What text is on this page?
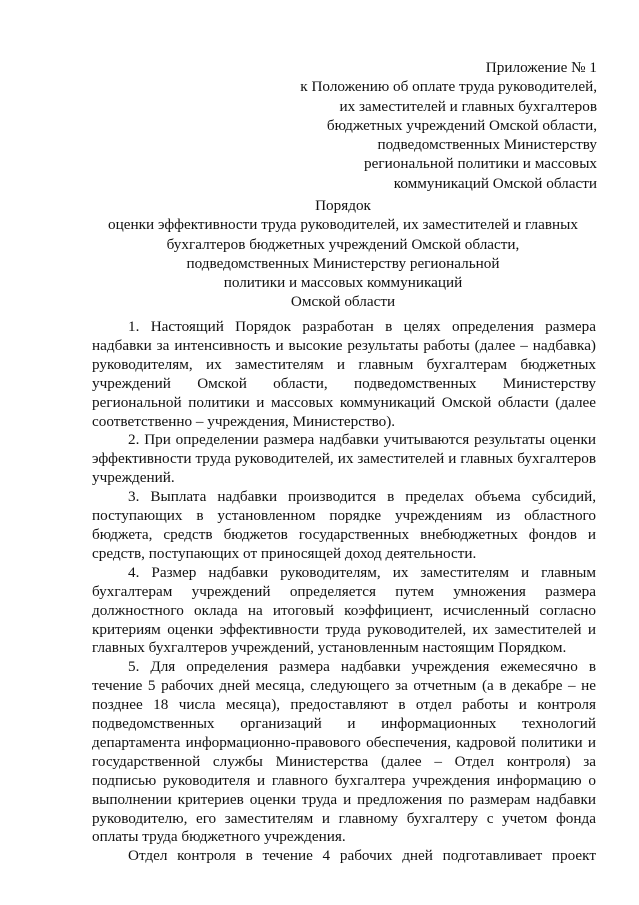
Приложение № 1
к Положению об оплате труда руководителей,
их заместителей и главных бухгалтеров
бюджетных учреждений Омской области,
подведомственных Министерству
региональной политики и массовых
коммуникаций Омской области
Порядок
оценки эффективности труда руководителей, их заместителей и главных
бухгалтеров бюджетных учреждений Омской области,
подведомственных Министерству региональной
политики и массовых коммуникаций
Омской области

1. Настоящий Порядок разработан в целях определения размера надбавки за интенсивность и высокие результаты работы (далее – надбавка) руководителям, их заместителям и главным бухгалтерам бюджетных учреждений Омской области, подведомственных Министерству региональной политики и массовых коммуникаций Омской области (далее соответственно – учреждения, Министерство).

2. При определении размера надбавки учитываются результаты оценки эффективности труда руководителей, их заместителей и главных бухгалтеров учреждений.

3. Выплата надбавки производится в пределах объема субсидий, поступающих в установленном порядке учреждениям из областного бюджета, средств бюджетов государственных внебюджетных фондов и средств, поступающих от приносящей доход деятельности.

4. Размер надбавки руководителям, их заместителям и главным бухгалтерам учреждений определяется путем умножения размера должностного оклада на итоговый коэффициент, исчисленный согласно критериям оценки эффективности труда руководителей, их заместителей и главных бухгалтеров учреждений, установленным настоящим Порядком.

5. Для определения размера надбавки учреждения ежемесячно в течение 5 рабочих дней месяца, следующего за отчетным (а в декабре – не позднее 18 числа месяца), предоставляют в отдел работы и контроля подведомственных организаций и информационных технологий департамента информационно-правового обеспечения, кадровой политики и государственной службы Министерства (далее – Отдел контроля) за подписью руководителя и главного бухгалтера учреждения информацию о выполнении критериев оценки труда и предложения по размерам надбавки руководителю, его заместителям и главному бухгалтеру с учетом фонда оплаты труда бюджетного учреждения.

Отдел контроля в течение 4 рабочих дней подготавливает проект
